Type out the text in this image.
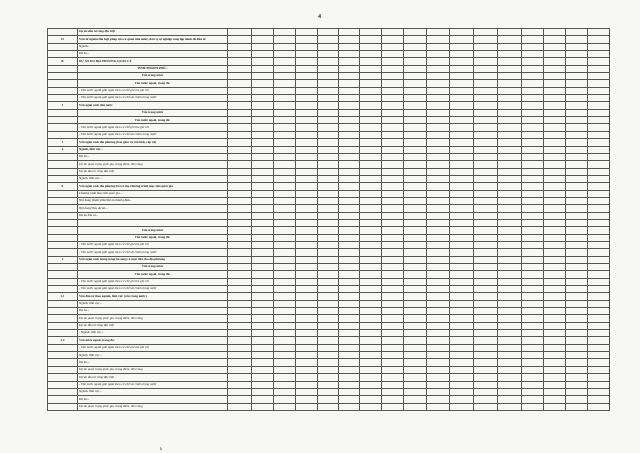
4
	Dự án đầu tư công đặc biệt																	
II	Vốn từ nguồn thu hợp pháp của cơ quan nhà nước, đơn vị sự nghiệp công lập dành để đầu tư																	
	Ngành...																	
	Dự án...																	
B	DỰ ÁN DO ĐỊA PHƯƠNG QUẢN LÝ																	
	TỈNH/THÀNH PHỐ...																	
	Vốn trong nước																	
	Vốn nước ngoài, trong đó:																	
	- Vốn nước ngoài giải ngân theo cơ chế ghi thu ghi chi																	
	- Vốn nước ngoài giải ngân theo cơ chế tài chính trong nước																	
I	Vốn ngân sách nhà nước																	
	Vốn trong nước																	
	Vốn nước ngoài, trong đó:																	
	- Vốn nước ngoài giải ngân theo cơ chế ghi thu ghi chi																	
	- Vốn nước ngoài giải ngân theo cơ chế tài chính trong nước																	
1	Vốn ngân sách địa phương (bao gồm cả vốn tỉnh, cấp xã)																	
a	Ngành, lĩnh vực...																	
	Dự án...																	
	Dự án quan trọng quốc gia, trọng điểm, liên vùng																	
	Dự án đầu tư công đặc biệt																	
	Ngành, lĩnh vực...																	
b	Vốn ngân sách địa phương bố trí cho chương trình mục tiêu quốc gia																	
	Chương trình mục tiêu quốc gia ...																	
	Nội dung thành phần/Dự án thành phần...																	
	Nội dung/Tiểu dự án...																	
	Dự án đầu tư...																	

	Vốn trong nước																	
	Vốn nước ngoài, trong đó:																	
	- Vốn nước ngoài giải ngân theo cơ chế ghi thu ghi chi																	
	- Vốn nước ngoài giải ngân theo cơ chế tài chính trong nước																	
2	Vốn ngân sách trung ương bổ sung có mục tiêu cho địa phương																	
	Vốn trong nước																	
	Vốn nước ngoài, trong đó:																	
	- Vốn nước ngoài giải ngân theo cơ chế ghi thu ghi chi																	
	- Vốn nước ngoài giải ngân theo cơ chế tài chính trong nước																	
2.1	Vốn đầu tư theo ngành, lĩnh vực (vốn trong nước)																	
	Ngành, lĩnh vực...																	
	Dự án...																	
	Dự án quan trọng quốc gia, trọng điểm, liên vùng																	
	Dự án đầu tư công đặc biệt																	
	- Ngành, lĩnh vực...																	
2.2	Vốn nước ngoài, trong đó:																	
	- Vốn nước ngoài giải ngân theo cơ chế ghi thu ghi chi																	
	Ngành, lĩnh vực...																	
	Dự án...																	
	Dự án quan trọng quốc gia, trọng điểm, liên vùng																	
	Dự án đầu tư công đặc biệt																	
	- Vốn nước ngoài giải ngân theo cơ chế tài chính trong nước																	
	Ngành, lĩnh vực...																	
	Dự án...																	
	Dự án quan trọng quốc gia, trọng điểm, liên vùng																	
k
